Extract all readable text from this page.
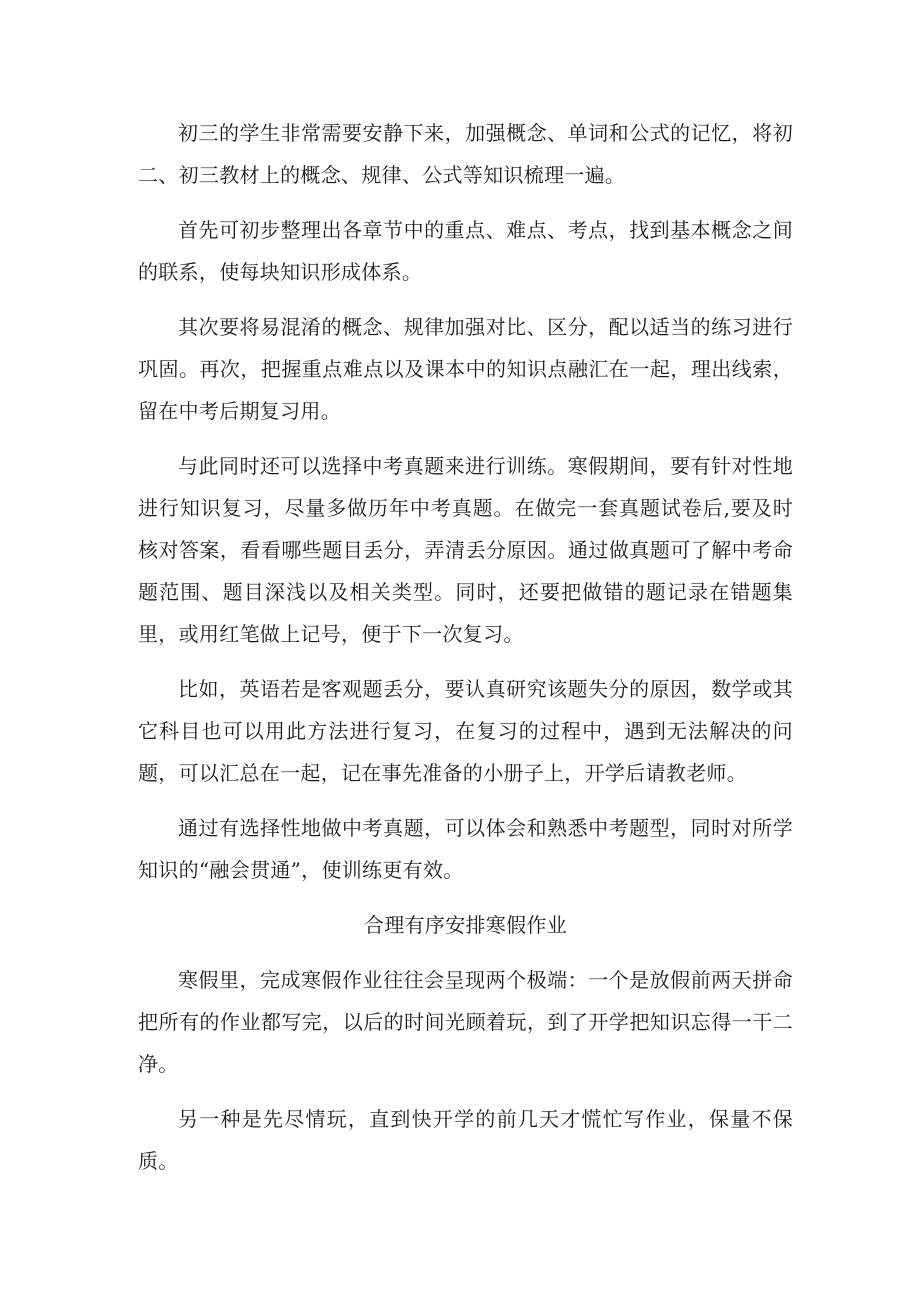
初三的学生非常需要安静下来，加强概念、单词和公式的记忆，将初二、初三教材上的概念、规律、公式等知识梳理一遍。

首先可初步整理出各章节中的重点、难点、考点，找到基本概念之间的联系，使每块知识形成体系。

其次要将易混淆的概念、规律加强对比、区分，配以适当的练习进行巩固。再次，把握重点难点以及课本中的知识点融汇在一起，理出线索，留在中考后期复习用。

与此同时还可以选择中考真题来进行训练。寒假期间，要有针对性地进行知识复习，尽量多做历年中考真题。在做完一套真题试卷后,要及时核对答案，看看哪些题目丢分，弄清丢分原因。通过做真题可了解中考命题范围、题目深浅以及相关类型。同时，还要把做错的题记录在错题集里，或用红笔做上记号，便于下一次复习。

比如，英语若是客观题丢分，要认真研究该题失分的原因，数学或其它科目也可以用此方法进行复习，在复习的过程中，遇到无法解决的问题，可以汇总在一起，记在事先准备的小册子上，开学后请教老师。

通过有选择性地做中考真题，可以体会和熟悉中考题型，同时对所学知识的“融会贯通”，使训练更有效。

合理有序安排寒假作业

寒假里，完成寒假作业往往会呈现两个极端：一个是放假前两天拼命把所有的作业都写完，以后的时间光顾着玩，到了开学把知识忘得一干二净。

另一种是先尽情玩，直到快开学的前几天才慌忙写作业，保量不保质。
